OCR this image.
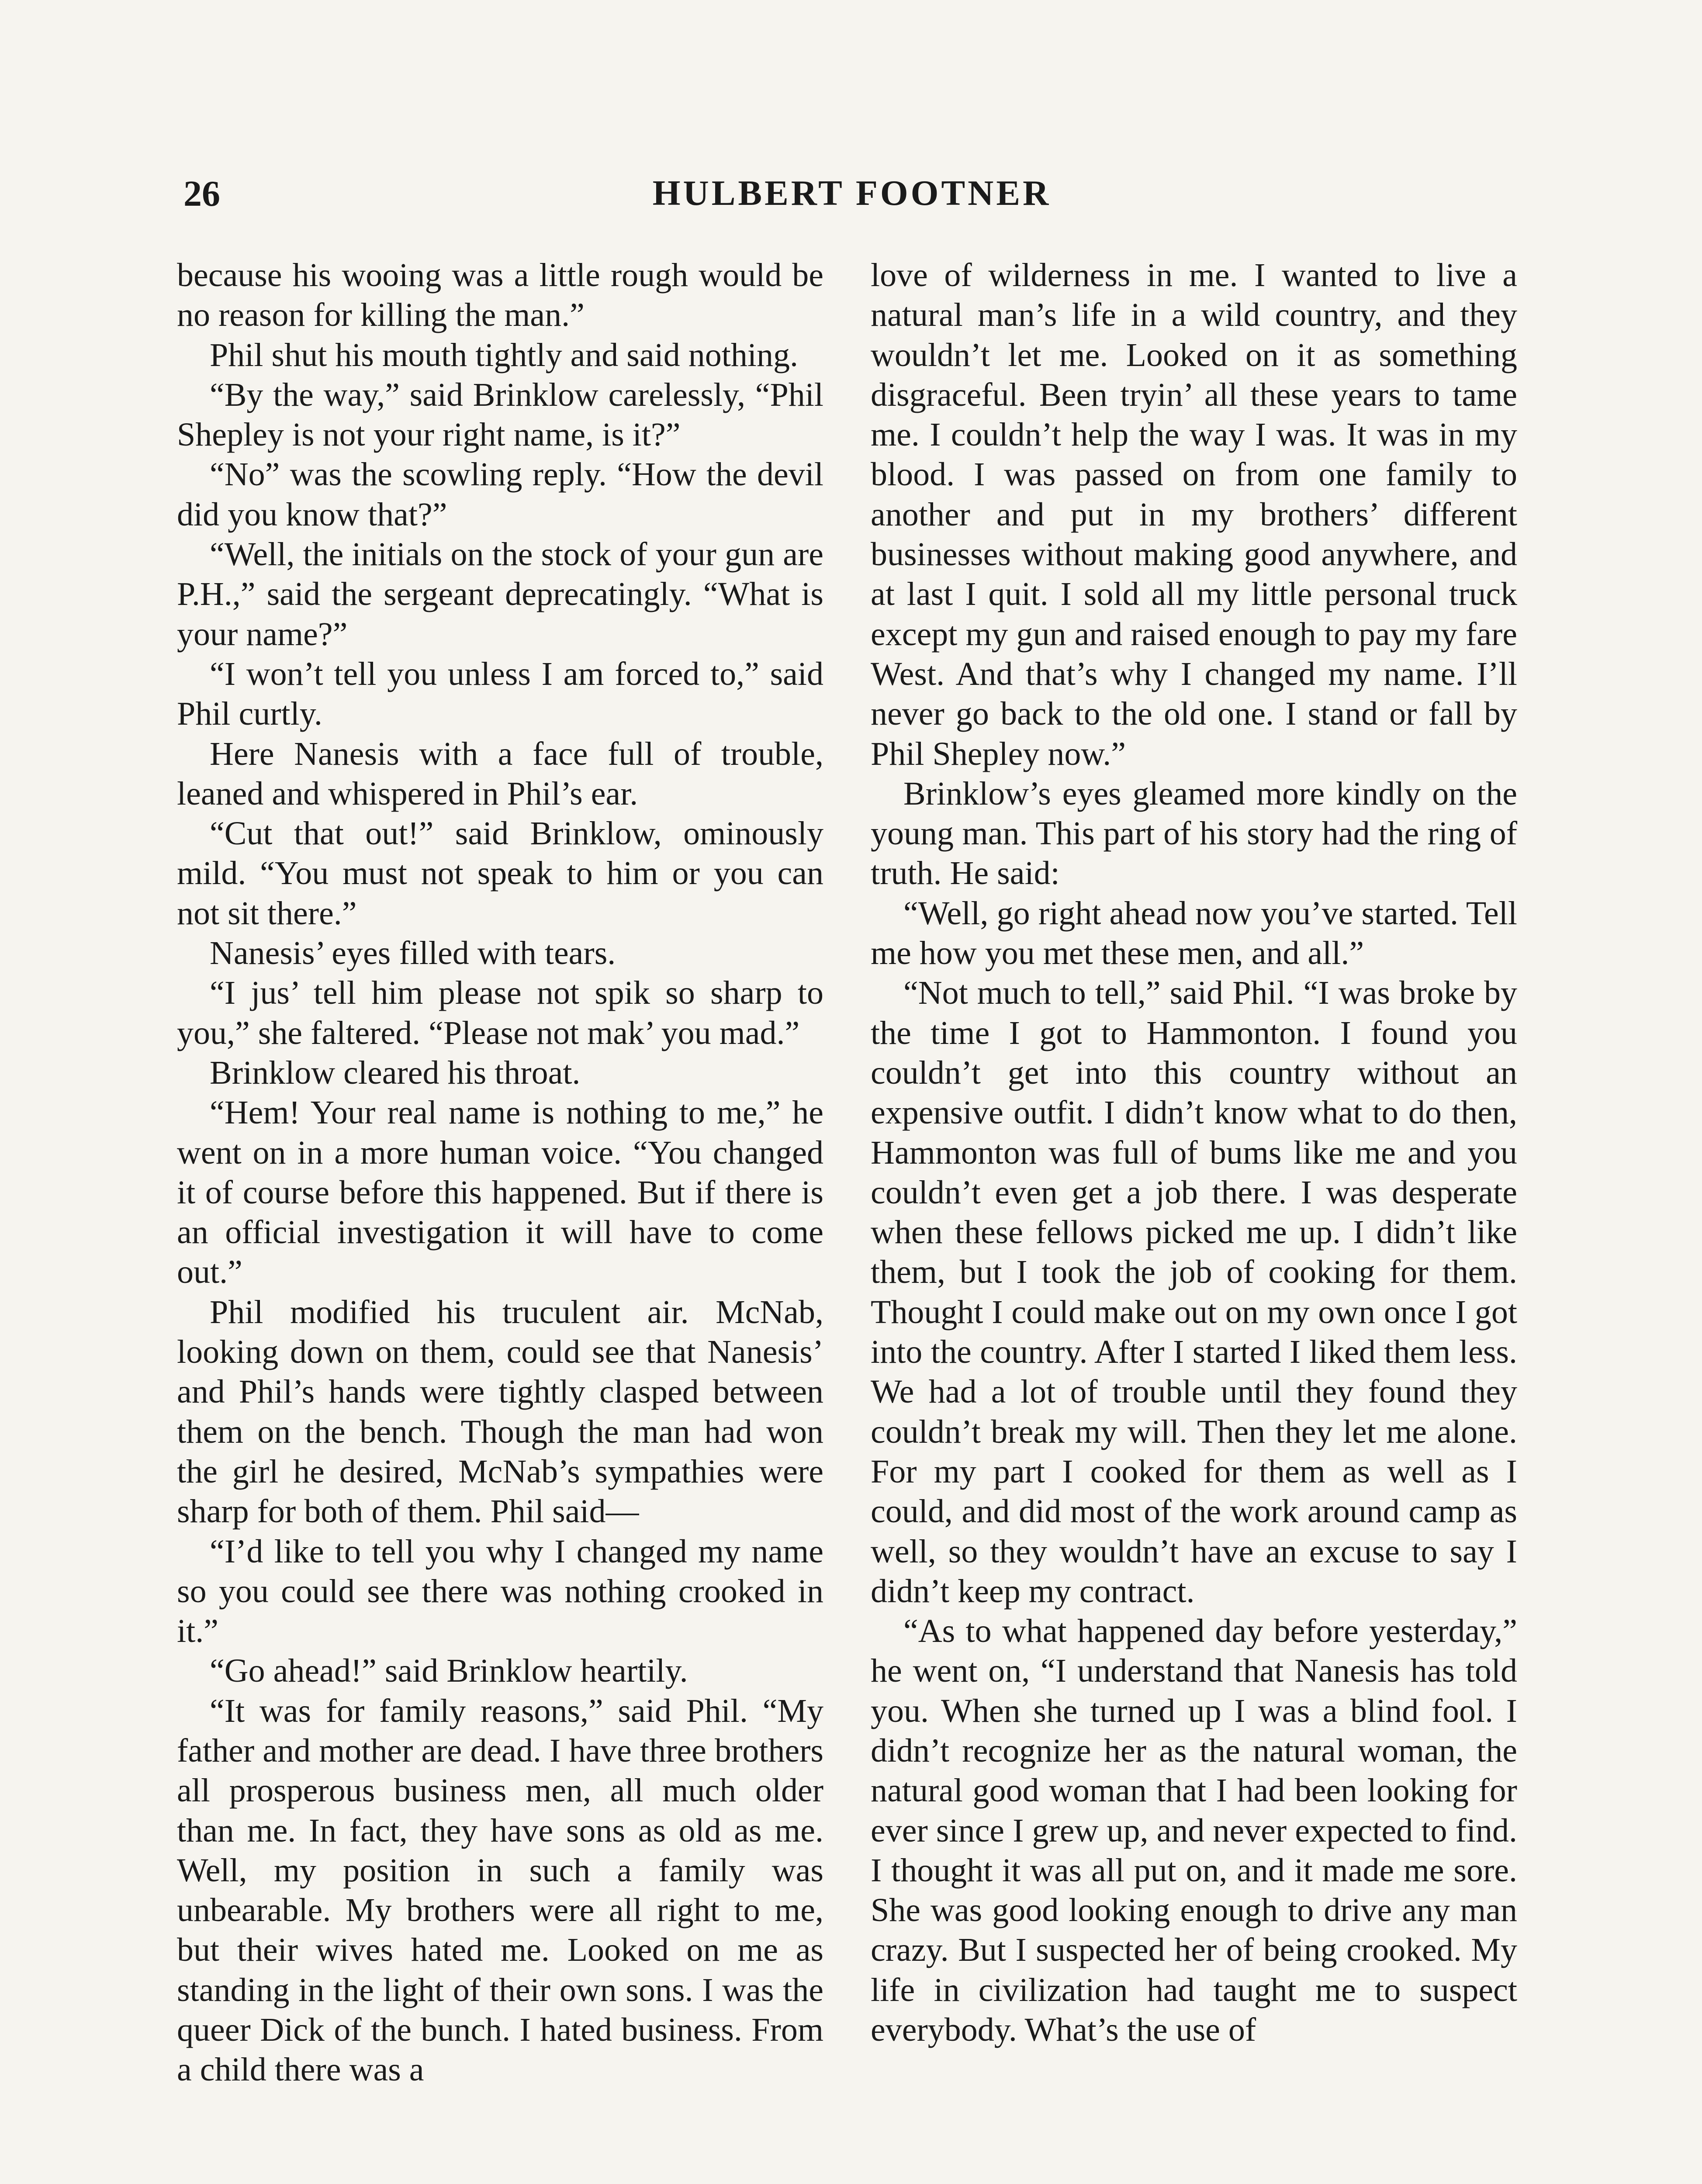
26	HULBERT FOOTNER

because his wooing was a little rough would be no reason for killing the man.”

Phil shut his mouth tightly and said nothing.

“By the way,” said Brinklow carelessly, “Phil Shepley is not your right name, is it?”

“No” was the scowling reply. “How the devil did you know that?”

“Well, the initials on the stock of your gun are P.H.,” said the sergeant deprecatingly. “What is your name?”

“I won’t tell you unless I am forced to,” said Phil curtly.

Here Nanesis with a face full of trouble, leaned and whispered in Phil’s ear.

“Cut that out!” said Brinklow, ominously mild. “You must not speak to him or you can not sit there.”

Nanesis’ eyes filled with tears.

“I jus’ tell him please not spik so sharp to you,” she faltered. “Please not mak’ you mad.”

Brinklow cleared his throat.

“Hem! Your real name is nothing to me,” he went on in a more human voice. “You changed it of course before this happened. But if there is an official investigation it will have to come out.”

Phil modified his truculent air. McNab, looking down on them, could see that Nanesis’ and Phil’s hands were tightly clasped between them on the bench. Though the man had won the girl he desired, McNab’s sympathies were sharp for both of them. Phil said—

“I’d like to tell you why I changed my name so you could see there was nothing crooked in it.”

“Go ahead!” said Brinklow heartily.

“It was for family reasons,” said Phil. “My father and mother are dead. I have three brothers all prosperous business men, all much older than me. In fact, they have sons as old as me. Well, my position in such a family was unbearable. My brothers were all right to me, but their wives hated me. Looked on me as standing in the light of their own sons. I was the queer Dick of the bunch. I hated business. From a child there was a

love of wilderness in me. I wanted to live a natural man’s life in a wild country, and they wouldn’t let me. Looked on it as something disgraceful. Been tryin’ all these years to tame me. I couldn’t help the way I was. It was in my blood. I was passed on from one family to another and put in my brothers’ different businesses without making good anywhere, and at last I quit. I sold all my little personal truck except my gun and raised enough to pay my fare West. And that’s why I changed my name. I’ll never go back to the old one. I stand or fall by Phil Shepley now.”

Brinklow’s eyes gleamed more kindly on the young man. This part of his story had the ring of truth. He said:

“Well, go right ahead now you’ve started. Tell me how you met these men, and all.”

“Not much to tell,” said Phil. “I was broke by the time I got to Hammonton. I found you couldn’t get into this country without an expensive outfit. I didn’t know what to do then, Hammonton was full of bums like me and you couldn’t even get a job there. I was desperate when these fellows picked me up. I didn’t like them, but I took the job of cooking for them. Thought I could make out on my own once I got into the country. After I started I liked them less. We had a lot of trouble until they found they couldn’t break my will. Then they let me alone. For my part I cooked for them as well as I could, and did most of the work around camp as well, so they wouldn’t have an excuse to say I didn’t keep my contract.

“As to what happened day before yesterday,” he went on, “I understand that Nanesis has told you. When she turned up I was a blind fool. I didn’t recognize her as the natural woman, the natural good woman that I had been looking for ever since I grew up, and never expected to find. I thought it was all put on, and it made me sore. She was good looking enough to drive any man crazy. But I suspected her of being crooked. My life in civilization had taught me to suspect everybody. What’s the use of
